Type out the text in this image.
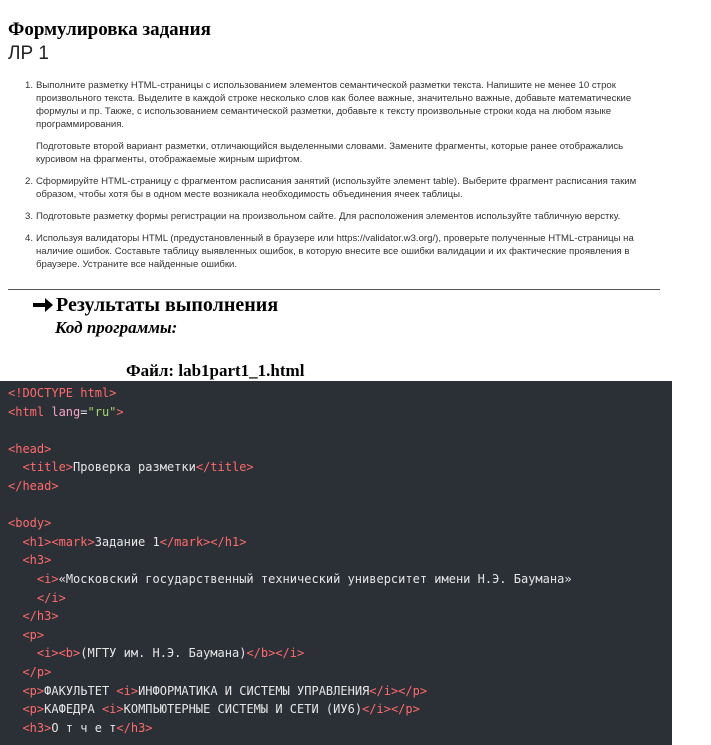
Формулировка задания
ЛР 1
1. Выполните разметку HTML-страницы с использованием элементов семантической разметки текста. Напишите не менее 10 строк произвольного текста. Выделите в каждой строке несколько слов как более важные, значительно важные, добавьте математические формулы и пр. Также, с использованием семантической разметки, добавьте к тексту произвольные строки кода на любом языке программирования.

Подготовьте второй вариант разметки, отличающийся выделенными словами. Замените фрагменты, которые ранее отображались курсивом на фрагменты, отображаемые жирным шрифтом.

2. Сформируйте HTML-страницу с фрагментом расписания занятий (используйте элемент table). Выберите фрагмент расписания таким образом, чтобы хотя бы в одном месте возникала необходимость объединения ячеек таблицы.

3. Подготовьте разметку формы регистрации на произвольном сайте. Для расположения элементов используйте табличную верстку.

4. Используя валидаторы HTML (предустановленный в браузере или https://validator.w3.org/), проверьте полученные HTML-страницы на наличие ошибок. Составьте таблицу выявленных ошибок, в которую внесите все ошибки валидации и их фактические проявления в браузере. Устраните все найденные ошибки.

Результаты выполнения
Код программы:
Файл: lab1part1_1.html
<!DOCTYPE html>
<html lang="ru">
<head>
<title>Проверка разметки</title>
</head>
<body>
<h1><mark>Задание 1</mark></h1>
<h3>
<i>«Московский государственный технический университет имени Н.Э. Баумана»
</i>
</h3>
<p>
<i><b>(МГТУ им. Н.Э. Баумана)</b></i>
</p>
<p>ФАКУЛЬТЕТ <i>ИНФОРМАТИКА И СИСТЕМЫ УПРАВЛЕНИЯ</i></p>
<p>КАФЕДРА <i>КОМПЬЮТЕРНЫЕ СИСТЕМЫ И СЕТИ (ИУ6)</i></p>
<h3>О т ч е т</h3>
